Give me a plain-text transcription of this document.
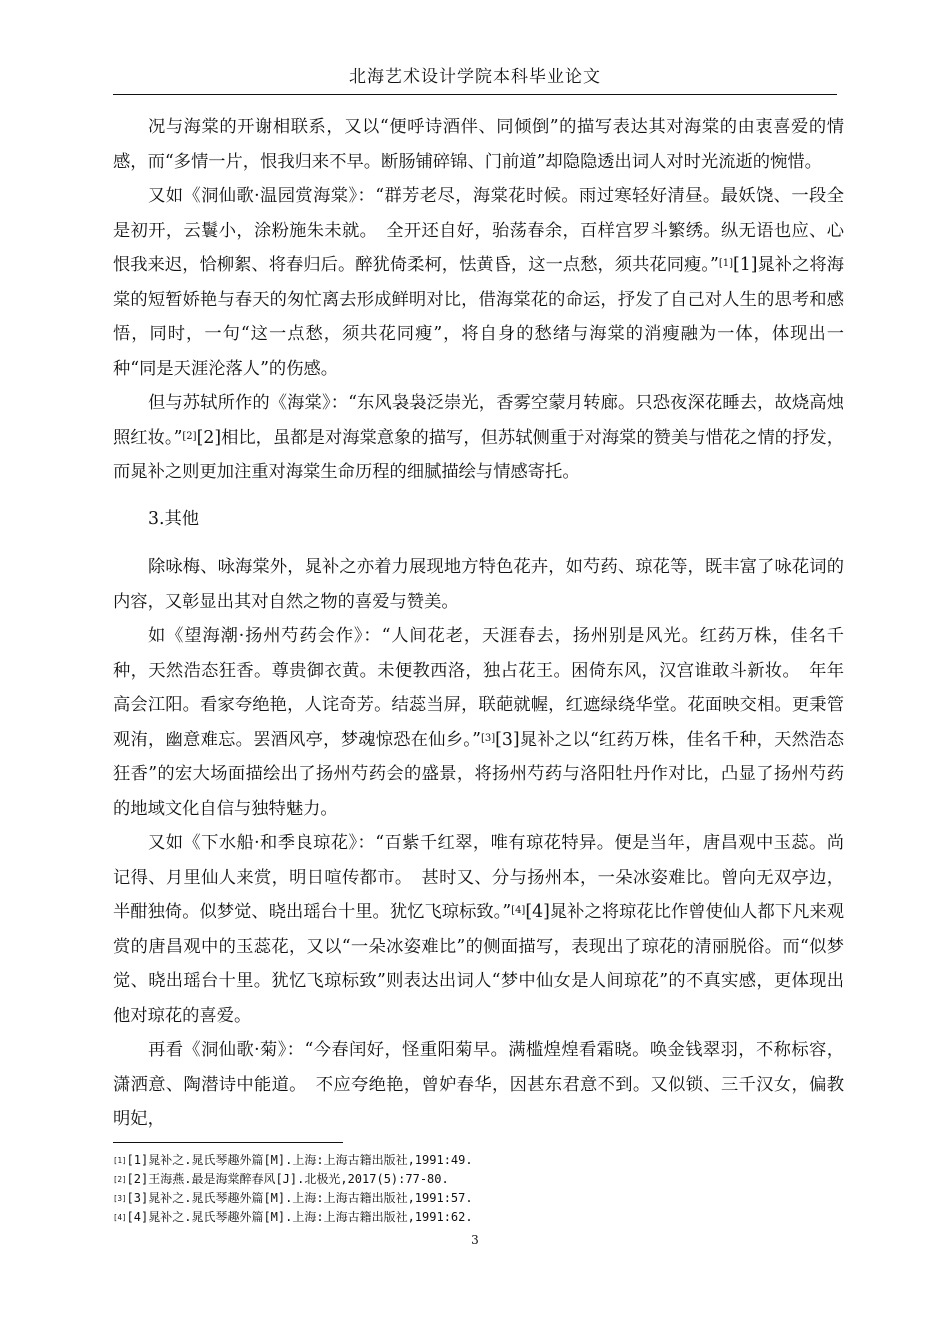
北海艺术设计学院本科毕业论文

况与海棠的开谢相联系，又以“便呼诗酒伴、同倾倒”的描写表达其对海棠的由衷喜爱的情感，而“多情一片，恨我归来不早。断肠铺碎锦、门前道”却隐隐透出词人对时光流逝的惋惜。

又如《洞仙歌·温园赏海棠》：“群芳老尽，海棠花时候。雨过寒轻好清昼。最妖饶、一段全是初开，云鬟小，涂粉施朱未就。　全开还自好，骀荡春余，百样宫罗斗繁绣。纵无语也应、心恨我来迟，恰柳絮、将春归后。醉犹倚柔柯，怯黄昏，这一点愁，须共花同瘦。”[1][1]晁补之将海棠的短暂娇艳与春天的匆忙离去形成鲜明对比，借海棠花的命运，抒发了自己对人生的思考和感悟，同时，一句“这一点愁，须共花同瘦”，将自身的愁绪与海棠的消瘦融为一体，体现出一种“同是天涯沦落人”的伤感。

但与苏轼所作的《海棠》：“东风袅袅泛崇光，香雾空蒙月转廊。只恐夜深花睡去，故烧高烛照红妆。”[2][2]相比，虽都是对海棠意象的描写，但苏轼侧重于对海棠的赞美与惜花之情的抒发，而晁补之则更加注重对海棠生命历程的细腻描绘与情感寄托。

3.其他

除咏梅、咏海棠外，晁补之亦着力展现地方特色花卉，如芍药、琼花等，既丰富了咏花词的内容，又彰显出其对自然之物的喜爱与赞美。

如《望海潮·扬州芍药会作》：“人间花老，天涯春去，扬州别是风光。红药万株，佳名千种，天然浩态狂香。尊贵御衣黄。未便教西洛，独占花王。困倚东风，汉宫谁敢斗新妆。　年年高会江阳。看家夸绝艳，人诧奇芳。结蕊当屏，联葩就幄，红遮绿绕华堂。花面映交相。更秉管观洧，幽意难忘。罢酒风亭，梦魂惊恐在仙乡。”[3][3]晁补之以“红药万株，佳名千种，天然浩态狂香”的宏大场面描绘出了扬州芍药会的盛景，将扬州芍药与洛阳牡丹作对比，凸显了扬州芍药的地域文化自信与独特魅力。

又如《下水船·和季良琼花》：“百紫千红翠，唯有琼花特异。便是当年，唐昌观中玉蕊。尚记得、月里仙人来赏，明日喧传都市。　甚时又、分与扬州本，一朵冰姿难比。曾向无双亭边，半酣独倚。似梦觉、晓出瑶台十里。犹忆飞琼标致。”[4][4]晁补之将琼花比作曾使仙人都下凡来观赏的唐昌观中的玉蕊花，又以“一朵冰姿难比”的侧面描写，表现出了琼花的清丽脱俗。而“似梦觉、晓出瑶台十里。犹忆飞琼标致”则表达出词人“梦中仙女是人间琼花”的不真实感，更体现出他对琼花的喜爱。

再看《洞仙歌·菊》：“今春闰好，怪重阳菊早。满槛煌煌看霜晓。唤金钱翠羽，不称标容，潇洒意、陶潜诗中能道。　不应夸绝艳，曾妒春华，因甚东君意不到。又似锁、三千汉女，偏教明妃，

[1][1]晁补之.晁氏琴趣外篇[M].上海:上海古籍出版社,1991:49.
[2][2]王海燕.最是海棠醉春风[J].北极光,2017(5):77-80.
[3][3]晁补之.晁氏琴趣外篇[M].上海:上海古籍出版社,1991:57.
[4][4]晁补之.晁氏琴趣外篇[M].上海:上海古籍出版社,1991:62.
3
